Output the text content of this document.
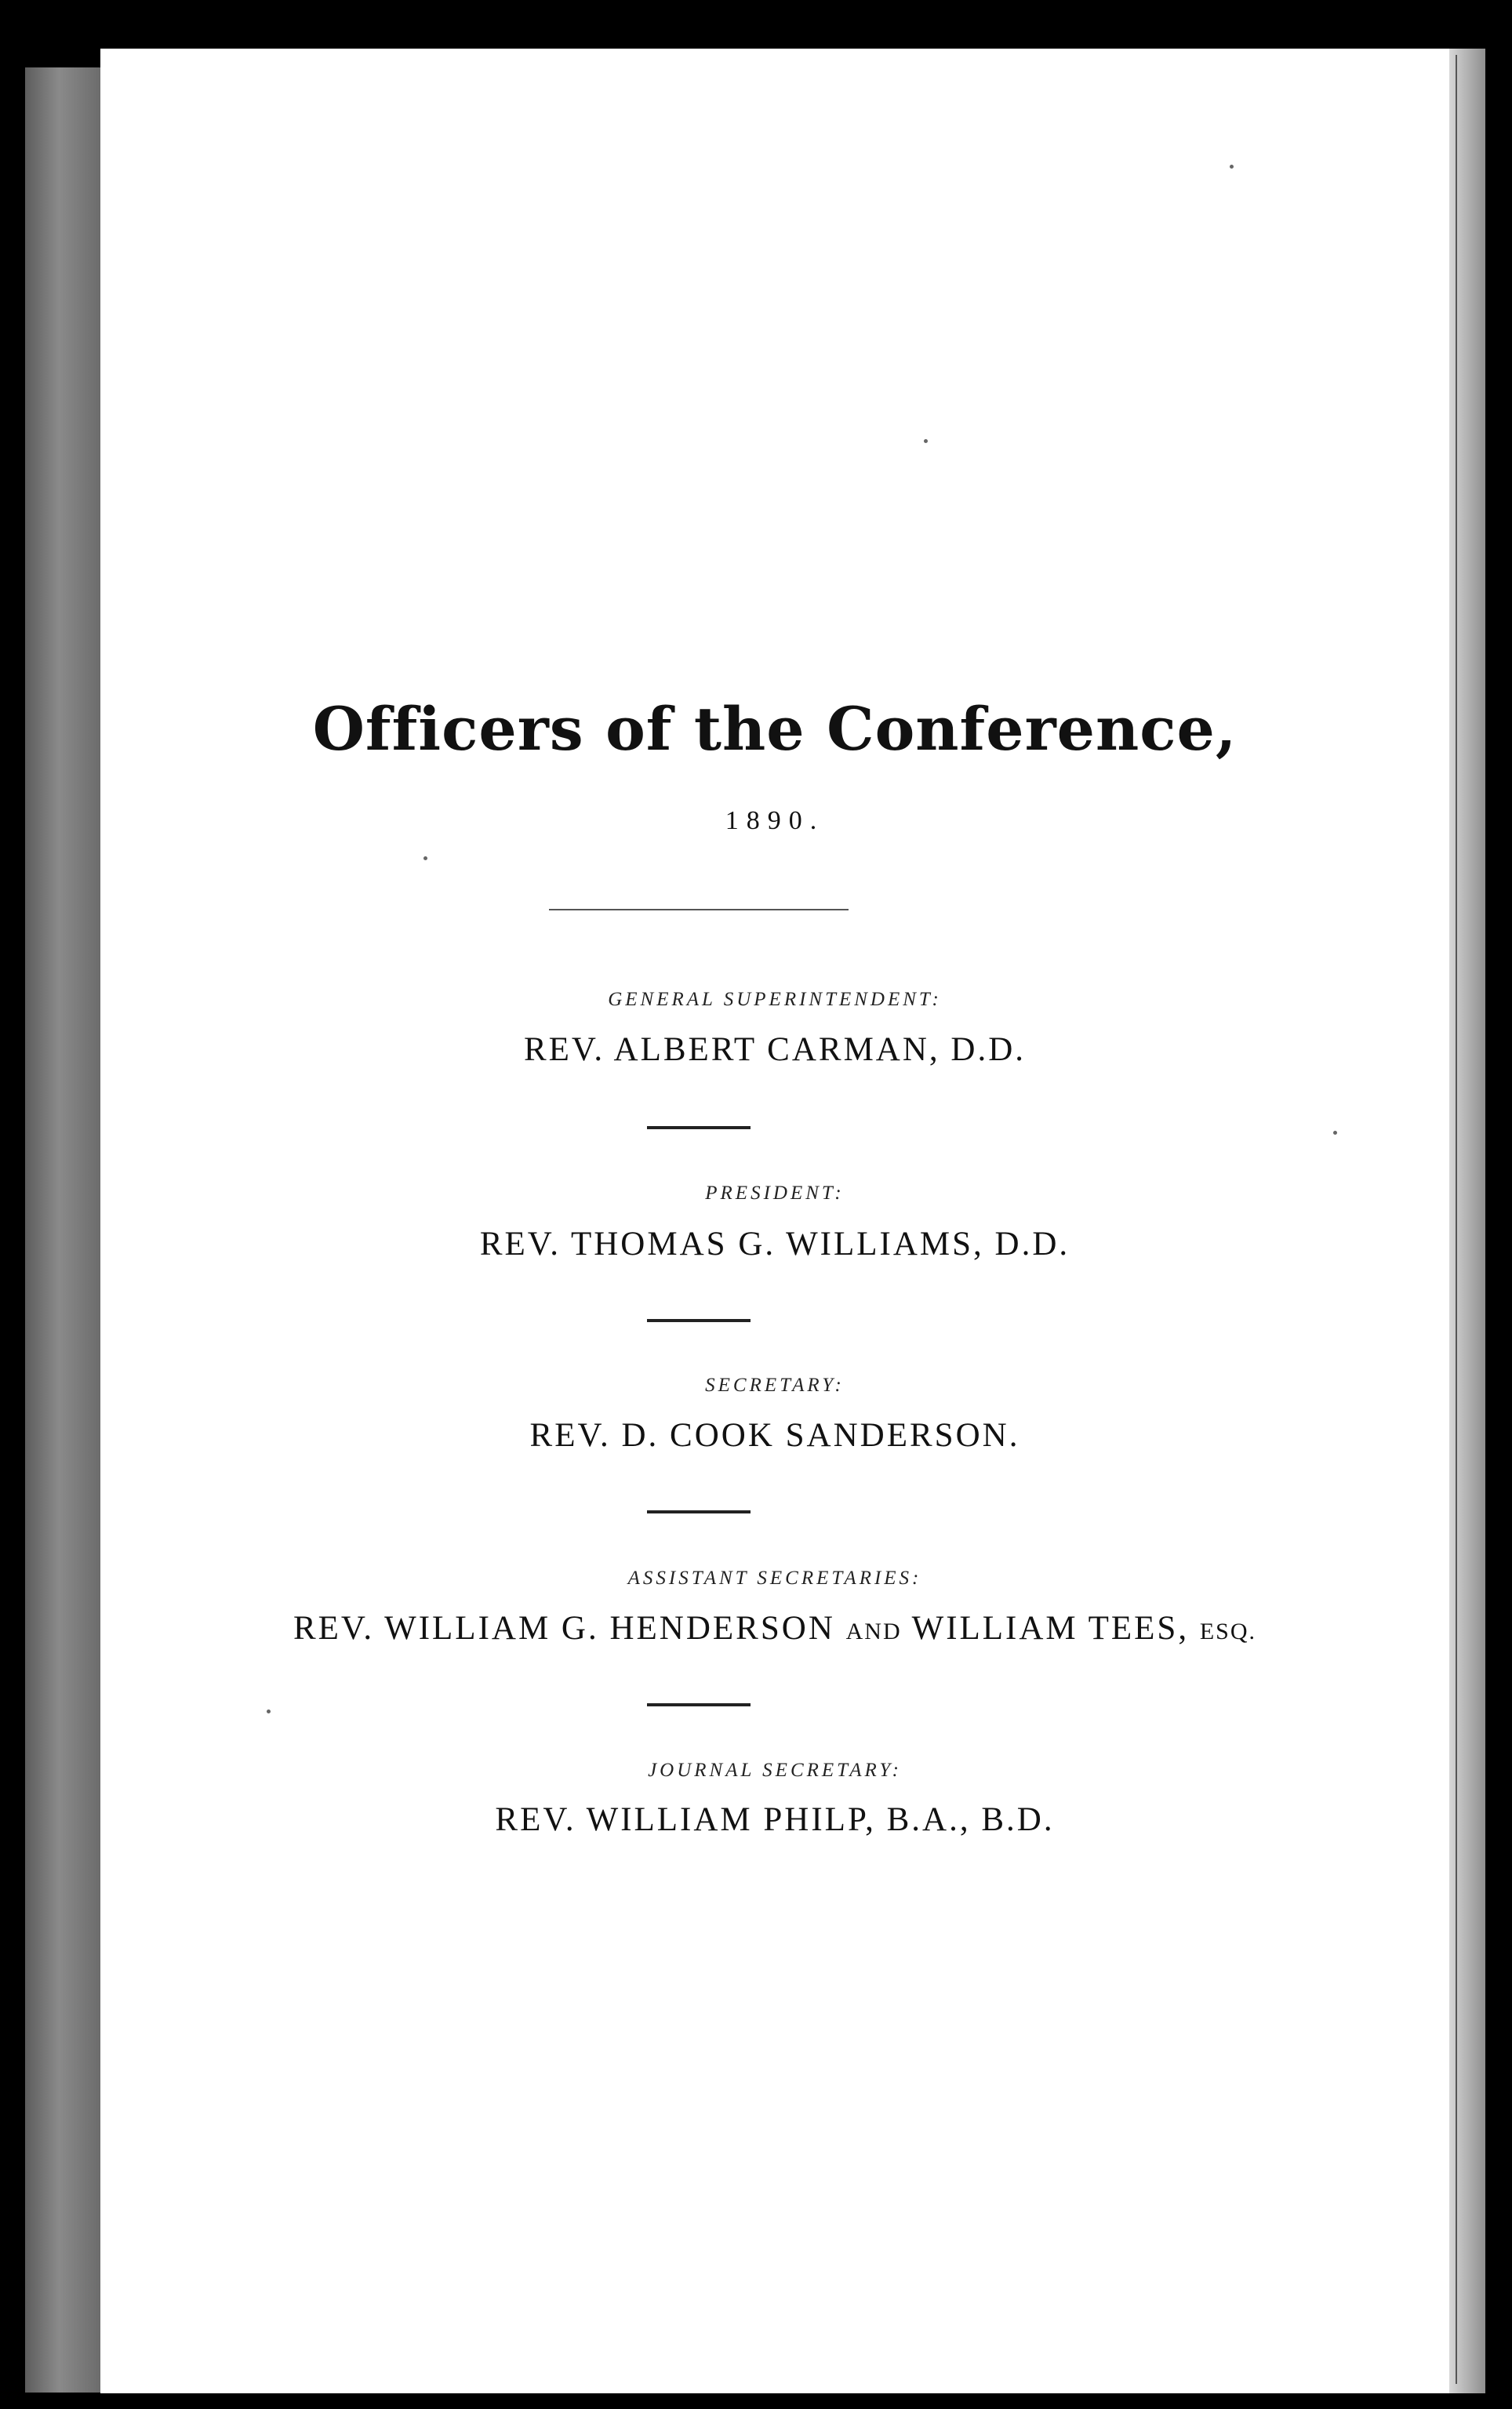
Officers of the Conference,
1890.
GENERAL SUPERINTENDENT:
REV. ALBERT CARMAN, D.D.
PRESIDENT:
REV. THOMAS G. WILLIAMS, D.D.
SECRETARY:
REV. D. COOK SANDERSON.
ASSISTANT SECRETARIES:
REV. WILLIAM G. HENDERSON AND WILLIAM TEES, ESQ.
JOURNAL SECRETARY:
REV. WILLIAM PHILP, B.A., B.D.
